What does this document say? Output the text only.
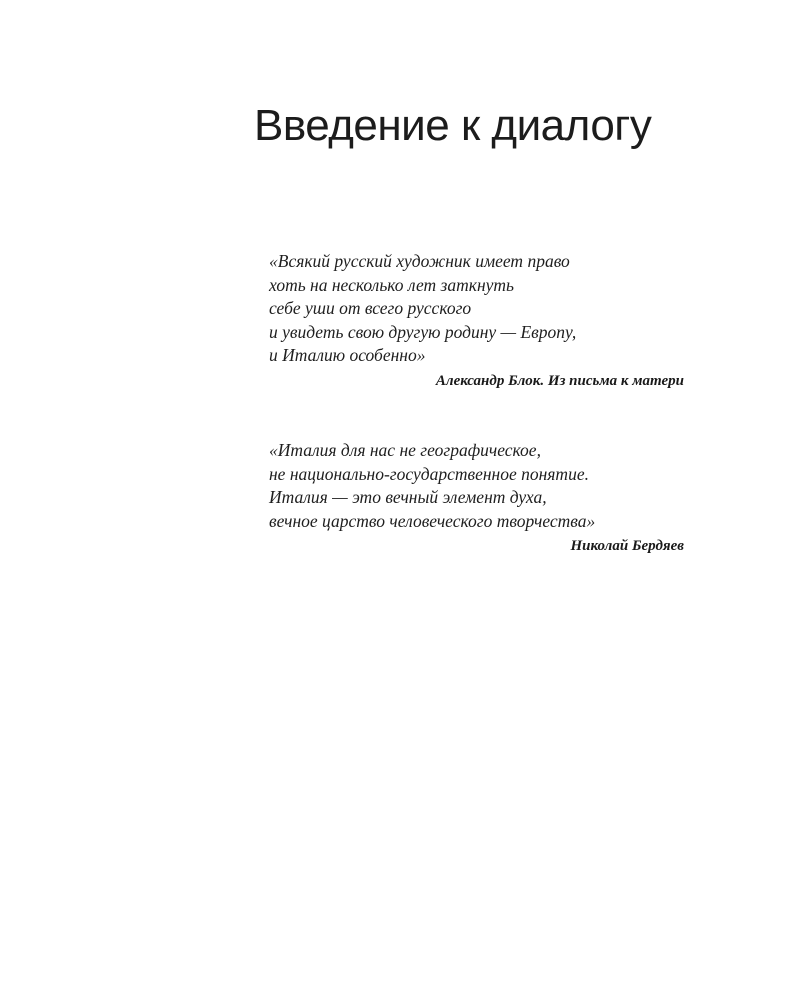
Введение к диалогу
«Всякий русский художник имеет право
хоть на несколько лет заткнуть
себе уши от всего русского
и увидеть свою другую родину — Европу,
и Италию особенно»
Александр Блок. Из письма к матери
«Италия для нас не географическое,
не национально-государственное понятие.
Италия — это вечный элемент духа,
вечное царство человеческого творчества»
Николай Бердяев
